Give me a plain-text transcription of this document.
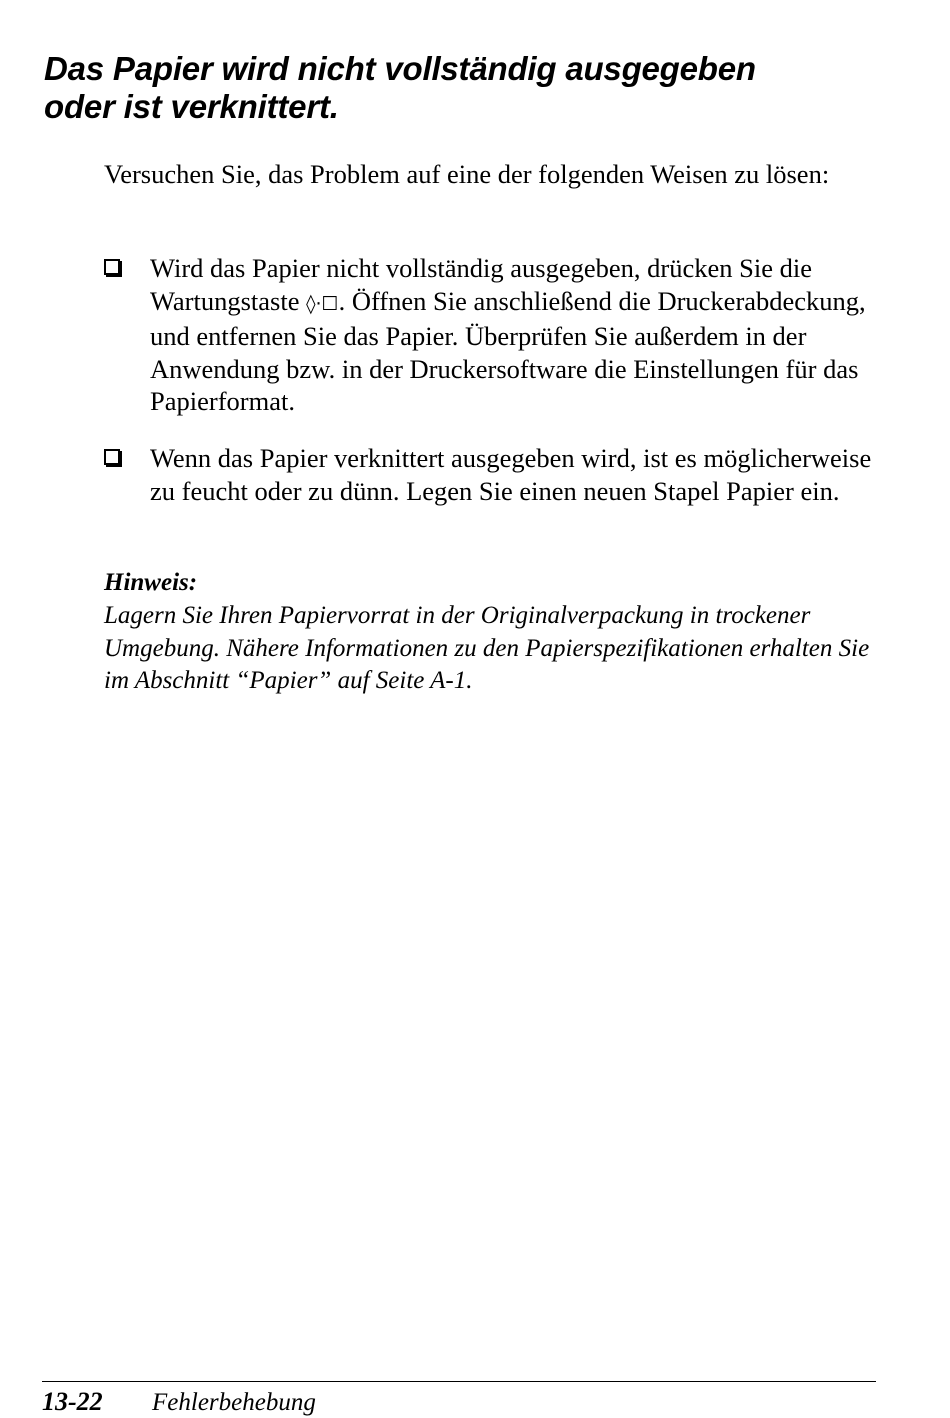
Das Papier wird nicht vollständig ausgegeben
oder ist verknittert.

Versuchen Sie, das Problem auf eine der folgenden Weisen zu lösen:

Wird das Papier nicht vollständig ausgegeben, drücken Sie die Wartungstaste ◊·☐. Öffnen Sie anschließend die Druckerabdeckung, und entfernen Sie das Papier. Überprüfen Sie außerdem in der Anwendung bzw. in der Druckersoftware die Einstellungen für das Papierformat.

Wenn das Papier verknittert ausgegeben wird, ist es möglicherweise zu feucht oder zu dünn. Legen Sie einen neuen Stapel Papier ein.

Hinweis:

Lagern Sie Ihren Papiervorrat in der Originalverpackung in trockener Umgebung. Nähere Informationen zu den Papierspezifikationen erhalten Sie im Abschnitt “Papier” auf Seite A-1.

13-22 Fehlerbehebung
